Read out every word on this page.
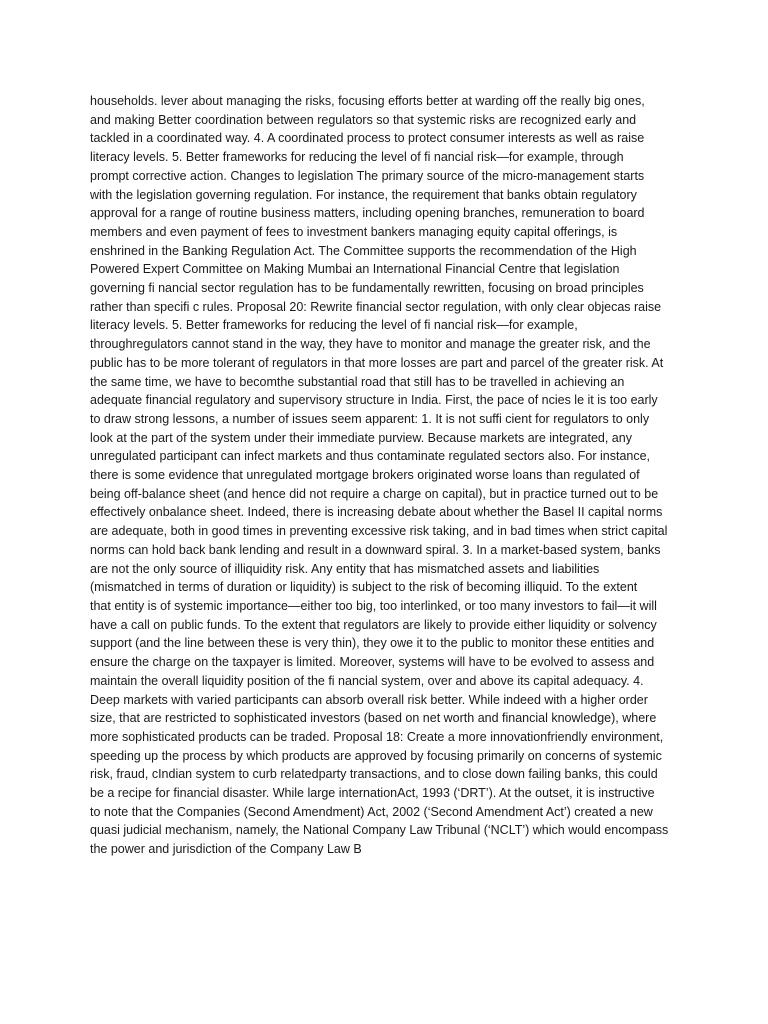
households. lever about managing the risks, focusing efforts better at warding off the really big ones,
and making Better coordination between regulators so that systemic risks are recognized early and
tackled in a coordinated way. 4. A coordinated process to protect consumer interests as well as raise
literacy levels. 5. Better frameworks for reducing the level of fi nancial risk—for example, through
prompt corrective action. Changes to legislation The primary source of the micro-management starts
with the legislation governing regulation. For instance, the requirement that banks obtain regulatory
approval for a range of routine business matters, including opening branches, remuneration to board
members and even payment of fees to investment bankers managing equity capital offerings, is
enshrined in the Banking Regulation Act. The Committee supports the recommendation of the High
Powered Expert Committee on Making Mumbai an International Financial Centre that legislation
governing fi nancial sector regulation has to be fundamentally rewritten, focusing on broad principles
rather than specifi c rules. Proposal 20: Rewrite financial sector regulation, with only clear objecas raise
literacy levels. 5. Better frameworks for reducing the level of fi nancial risk—for example,
throughregulators cannot stand in the way, they have to monitor and manage the greater risk, and the
public has to be more tolerant of regulators in that more losses are part and parcel of the greater risk. At
the same time, we have to becomthe substantial road that still has to be travelled in achieving an
adequate financial regulatory and supervisory structure in India. First, the pace of ncies le it is too early
to draw strong lessons, a number of issues seem apparent: 1. It is not suffi cient for regulators to only
look at the part of the system under their immediate purview. Because markets are integrated, any
unregulated participant can infect markets and thus contaminate regulated sectors also. For instance,
there is some evidence that unregulated mortgage brokers originated worse loans than regulated of
being off-balance sheet (and hence did not require a charge on capital), but in practice turned out to be
effectively onbalance sheet. Indeed, there is increasing debate about whether the Basel II capital norms
are adequate, both in good times in preventing excessive risk taking, and in bad times when strict capital
norms can hold back bank lending and result in a downward spiral. 3. In a market-based system, banks
are not the only source of illiquidity risk. Any entity that has mismatched assets and liabilities
(mismatched in terms of duration or liquidity) is subject to the risk of becoming illiquid. To the extent
that entity is of systemic importance—either too big, too interlinked, or too many investors to fail—it will
have a call on public funds. To the extent that regulators are likely to provide either liquidity or solvency
support (and the line between these is very thin), they owe it to the public to monitor these entities and
ensure the charge on the taxpayer is limited. Moreover, systems will have to be evolved to assess and
maintain the overall liquidity position of the fi nancial system, over and above its capital adequacy. 4.
Deep markets with varied participants can absorb overall risk better. While indeed with a higher order
size, that are restricted to sophisticated investors (based on net worth and financial knowledge), where
more sophisticated products can be traded. Proposal 18: Create a more innovationfriendly environment,
speeding up the process by which products are approved by focusing primarily on concerns of systemic
risk, fraud, cIndian system to curb relatedparty transactions, and to close down failing banks, this could
be a recipe for financial disaster. While large internationAct, 1993 (‘DRT’). At the outset, it is instructive
to note that the Companies (Second Amendment) Act, 2002 (‘Second Amendment Act’) created a new
quasi judicial mechanism, namely, the National Company Law Tribunal (‘NCLT’) which would encompass
the power and jurisdiction of the Company Law B
